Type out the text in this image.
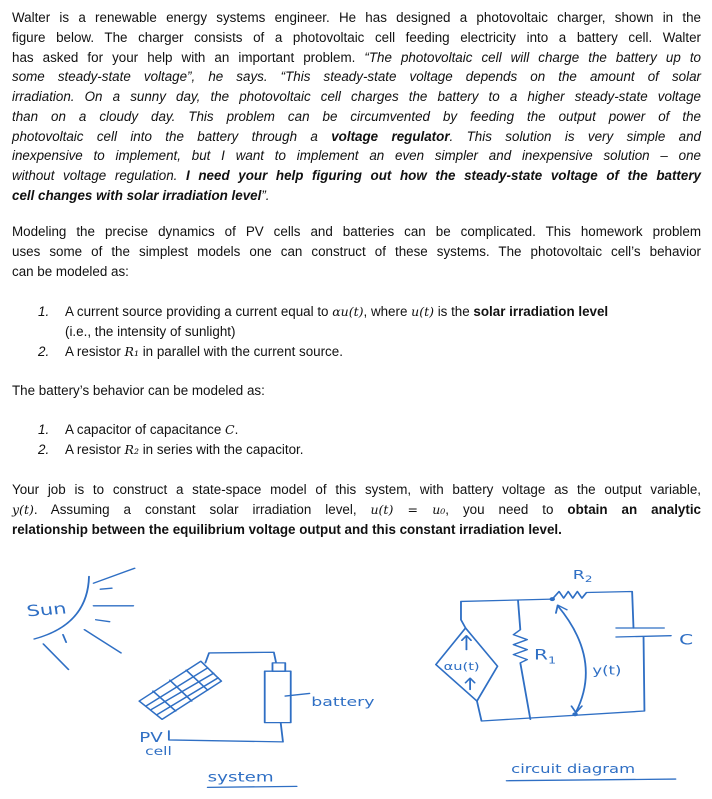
Walter is a renewable energy systems engineer. He has designed a photovoltaic charger, shown in the
figure below. The charger consists of a photovoltaic cell feeding electricity into a battery cell. Walter
has asked for your help with an important problem. “The photovoltaic cell will charge the battery up to
some steady-state voltage”, he says. “This steady-state voltage depends on the amount of solar
irradiation. On a sunny day, the photovoltaic cell charges the battery to a higher steady-state voltage
than on a cloudy day. This problem can be circumvented by feeding the output power of the
photovoltaic cell into the battery through a voltage regulator. This solution is very simple and
inexpensive to implement, but I want to implement an even simpler and inexpensive solution – one
without voltage regulation. I need your help figuring out how the steady-state voltage of the battery
cell changes with solar irradiation level”.
Modeling the precise dynamics of PV cells and batteries can be complicated. This homework problem
uses some of the simplest models one can construct of these systems. The photovoltaic cell’s behavior
can be modeled as:
1. A current source providing a current equal to αu(t), where u(t) is the solar irradiation level
(i.e., the intensity of sunlight)
2. A resistor R₁ in parallel with the current source.
The battery’s behavior can be modeled as:
1. A capacitor of capacitance C.
2. A resistor R₂ in series with the capacitor.
Your job is to construct a state-space model of this system, with battery voltage as the output variable,
y(t). Assuming a constant solar irradiation level, u(t) = u₀, you need to obtain an analytic
relationship between the equilibrium voltage output and this constant irradiation level.
Sun
battery
PV
cell
system
$R_2$
C
αu(t)
$R_1$
y(t)
circuit diagram
